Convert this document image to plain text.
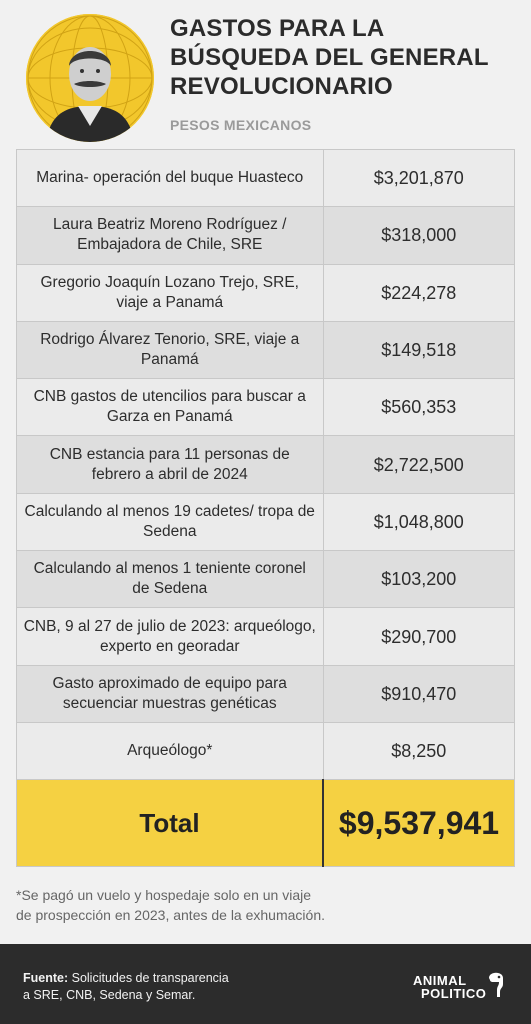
GASTOS PARA LA BÚSQUEDA DEL GENERAL REVOLUCIONARIO
PESOS MEXICANOS
Marina- operación del buque Huasteco	$3,201,870
Laura Beatriz Moreno Rodríguez / Embajadora de Chile, SRE	$318,000
Gregorio Joaquín Lozano Trejo, SRE, viaje a Panamá	$224,278
Rodrigo Álvarez Tenorio, SRE, viaje a Panamá	$149,518
CNB gastos de utencilios para buscar a Garza en Panamá	$560,353
CNB estancia para 11 personas de febrero a abril de 2024	$2,722,500
Calculando al menos 19 cadetes/ tropa de Sedena	$1,048,800
Calculando al menos 1 teniente coronel de Sedena	$103,200
CNB, 9 al 27 de julio de 2023: arqueólogo, experto en georadar	$290,700
Gasto aproximado de equipo para secuenciar muestras genéticas	$910,470
Arqueólogo*	$8,250
Total	$9,537,941
*Se pagó un vuelo y hospedaje solo en un viaje
de prospección en 2023, antes de la exhumación.
Fuente: Solicitudes de transparencia
a SRE, CNB, Sedena y Semar.
ANIMAL
POLITICO
